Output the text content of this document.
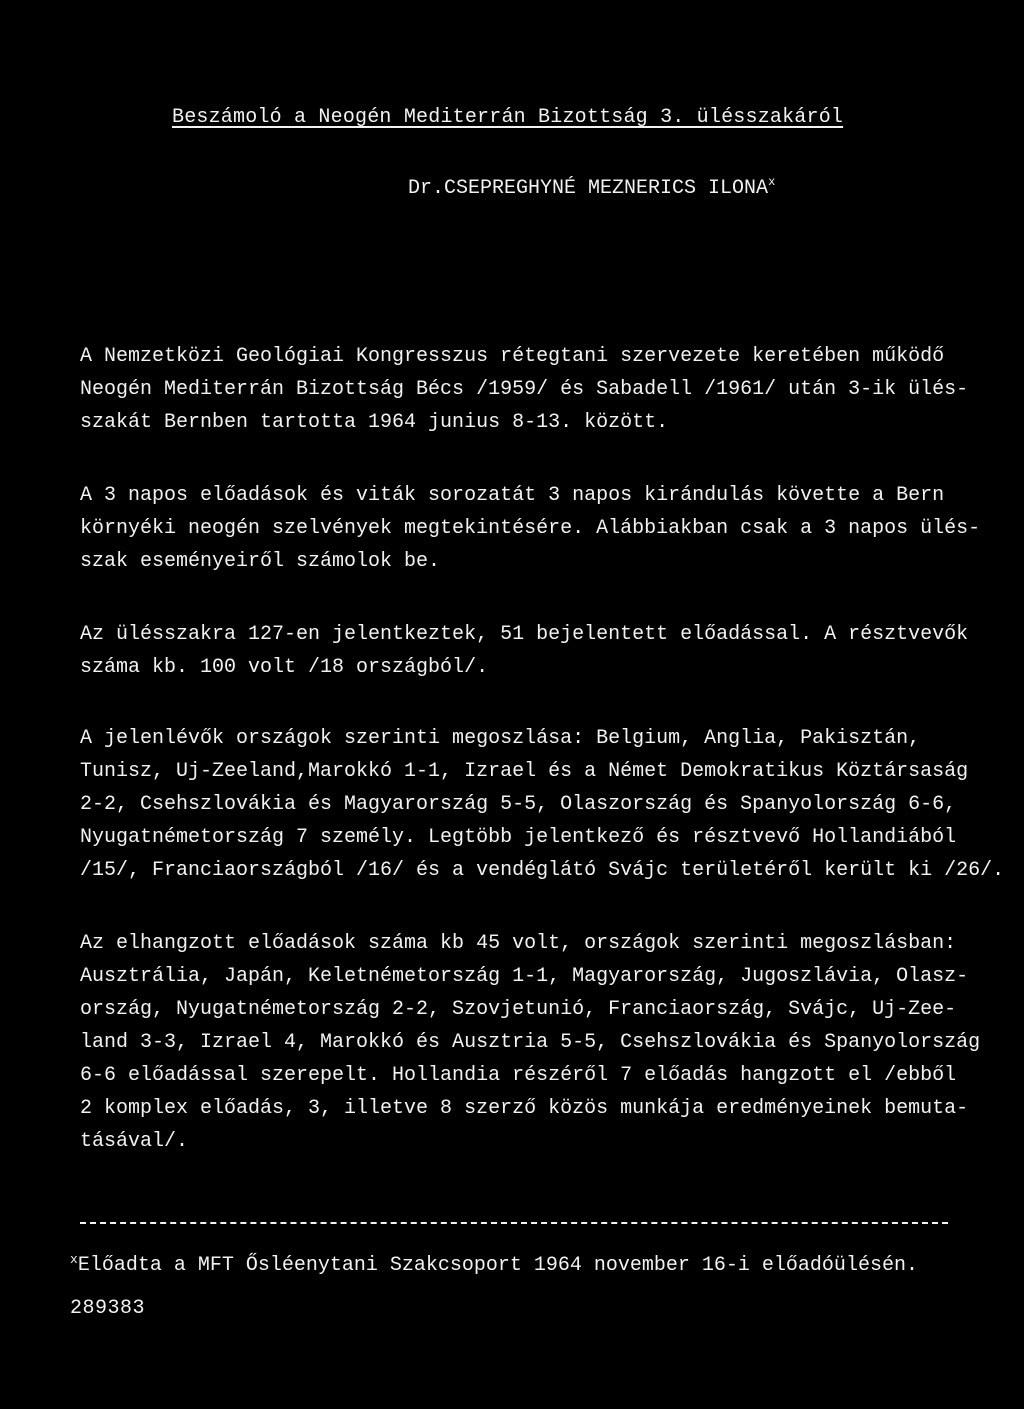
Beszámoló a Neogén Mediterrán Bizottság 3. ülésszakáról
Dr.CSEPREGHYNÉ MEZNERICS ILONA$^x$

A Nemzetközi Geológiai Kongresszus rétegtani szervezete keretében működő
Neogén Mediterrán Bizottság Bécs /1959/ és Sabadell /1961/ után 3-ik ülés-
szakát Bernben tartotta 1964 junius 8-13. között.

A 3 napos előadások és viták sorozatát 3 napos kirándulás követte a Bern
környéki neogén szelvények megtekintésére. Alábbiakban csak a 3 napos ülés-
szak eseményeiről számolok be.

Az ülésszakra 127-en jelentkeztek, 51 bejelentett előadással. A résztvevők
száma kb. 100 volt /18 országból/.

A jelenlévők országok szerinti megoszlása: Belgium, Anglia, Pakisztán,
Tunisz, Uj-Zeeland,Marokkó 1-1, Izrael és a Német Demokratikus Köztársaság
2-2, Csehszlovákia és Magyarország 5-5, Olaszország és Spanyolország 6-6,
Nyugatnémetország 7 személy. Legtöbb jelentkező és résztvevő Hollandiából
/15/, Franciaországból /16/ és a vendéglátó Svájc területéről került ki /26/.

Az elhangzott előadások száma kb 45 volt, országok szerinti megoszlásban:
Ausztrália, Japán, Keletnémetország 1-1, Magyarország, Jugoszlávia, Olasz-
ország, Nyugatnémetország 2-2, Szovjetunió, Franciaország, Svájc, Uj-Zee-
land 3-3, Izrael 4, Marokkó és Ausztria 5-5, Csehszlovákia és Spanyolország
6-6 előadással szerepelt. Hollandia részéről 7 előadás hangzott el /ebből
2 komplex előadás, 3, illetve 8 szerző közös munkája eredményeinek bemuta-
tásával/.

$^x$Előadta a MFT Ősléenytani Szakcsoport 1964 november 16-i előadóülésén.
289383
